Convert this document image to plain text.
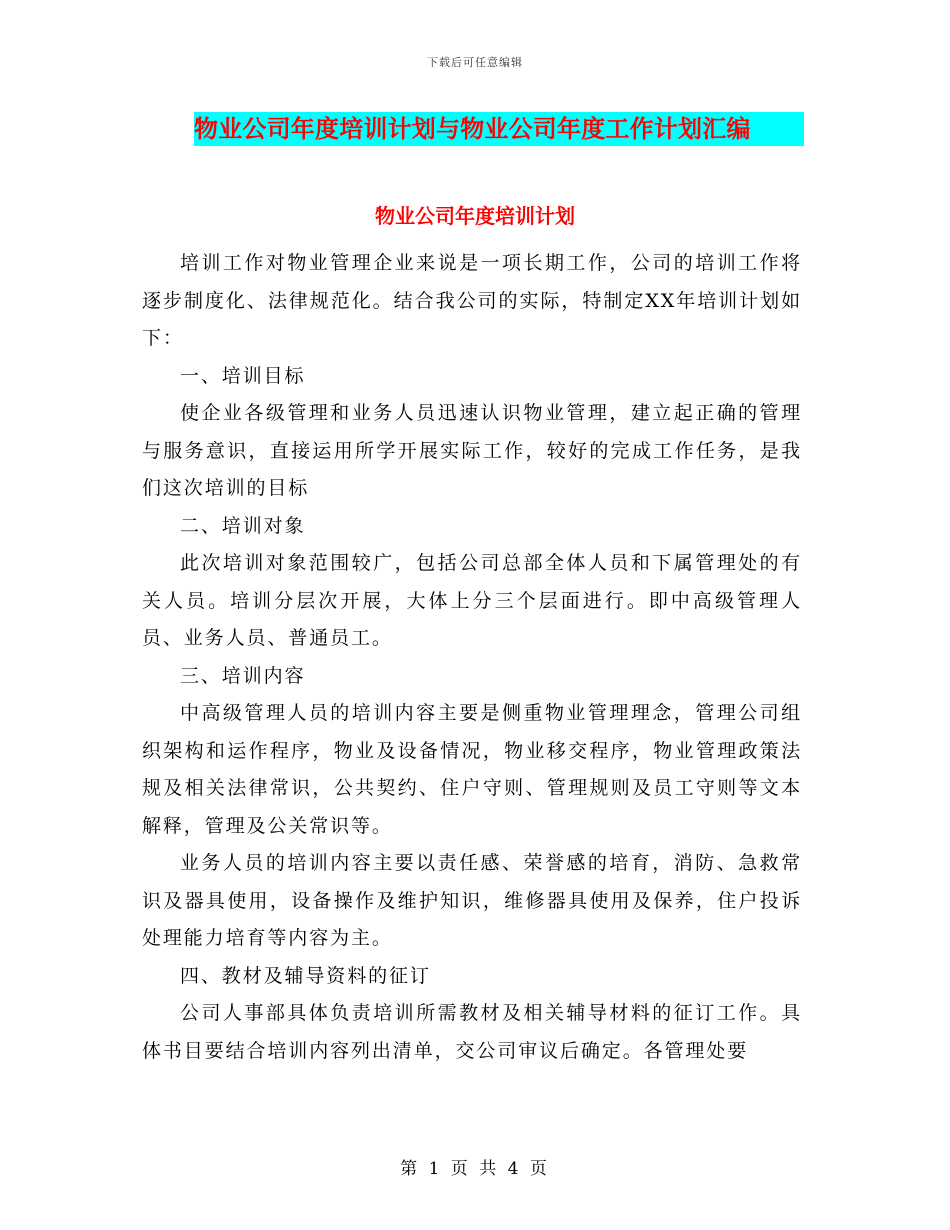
下载后可任意编辑
物业公司年度培训计划与物业公司年度工作计划汇编
物业公司年度培训计划

培训工作对物业管理企业来说是一项长期工作，公司的培训工作将逐步制度化、法律规范化。结合我公司的实际，特制定XX年培训计划如下：

一、培训目标

使企业各级管理和业务人员迅速认识物业管理，建立起正确的管理与服务意识，直接运用所学开展实际工作，较好的完成工作任务，是我们这次培训的目标

二、培训对象

此次培训对象范围较广，包括公司总部全体人员和下属管理处的有关人员。培训分层次开展，大体上分三个层面进行。即中高级管理人员、业务人员、普通员工。

三、培训内容

中高级管理人员的培训内容主要是侧重物业管理理念，管理公司组织架构和运作程序，物业及设备情况，物业移交程序，物业管理政策法规及相关法律常识，公共契约、住户守则、管理规则及员工守则等文本解释，管理及公关常识等。

业务人员的培训内容主要以责任感、荣誉感的培育，消防、急救常识及器具使用，设备操作及维护知识，维修器具使用及保养，住户投诉处理能力培育等内容为主。

四、教材及辅导资料的征订

公司人事部具体负责培训所需教材及相关辅导材料的征订工作。具体书目要结合培训内容列出清单，交公司审议后确定。各管理处要

第 1 页 共 4 页
